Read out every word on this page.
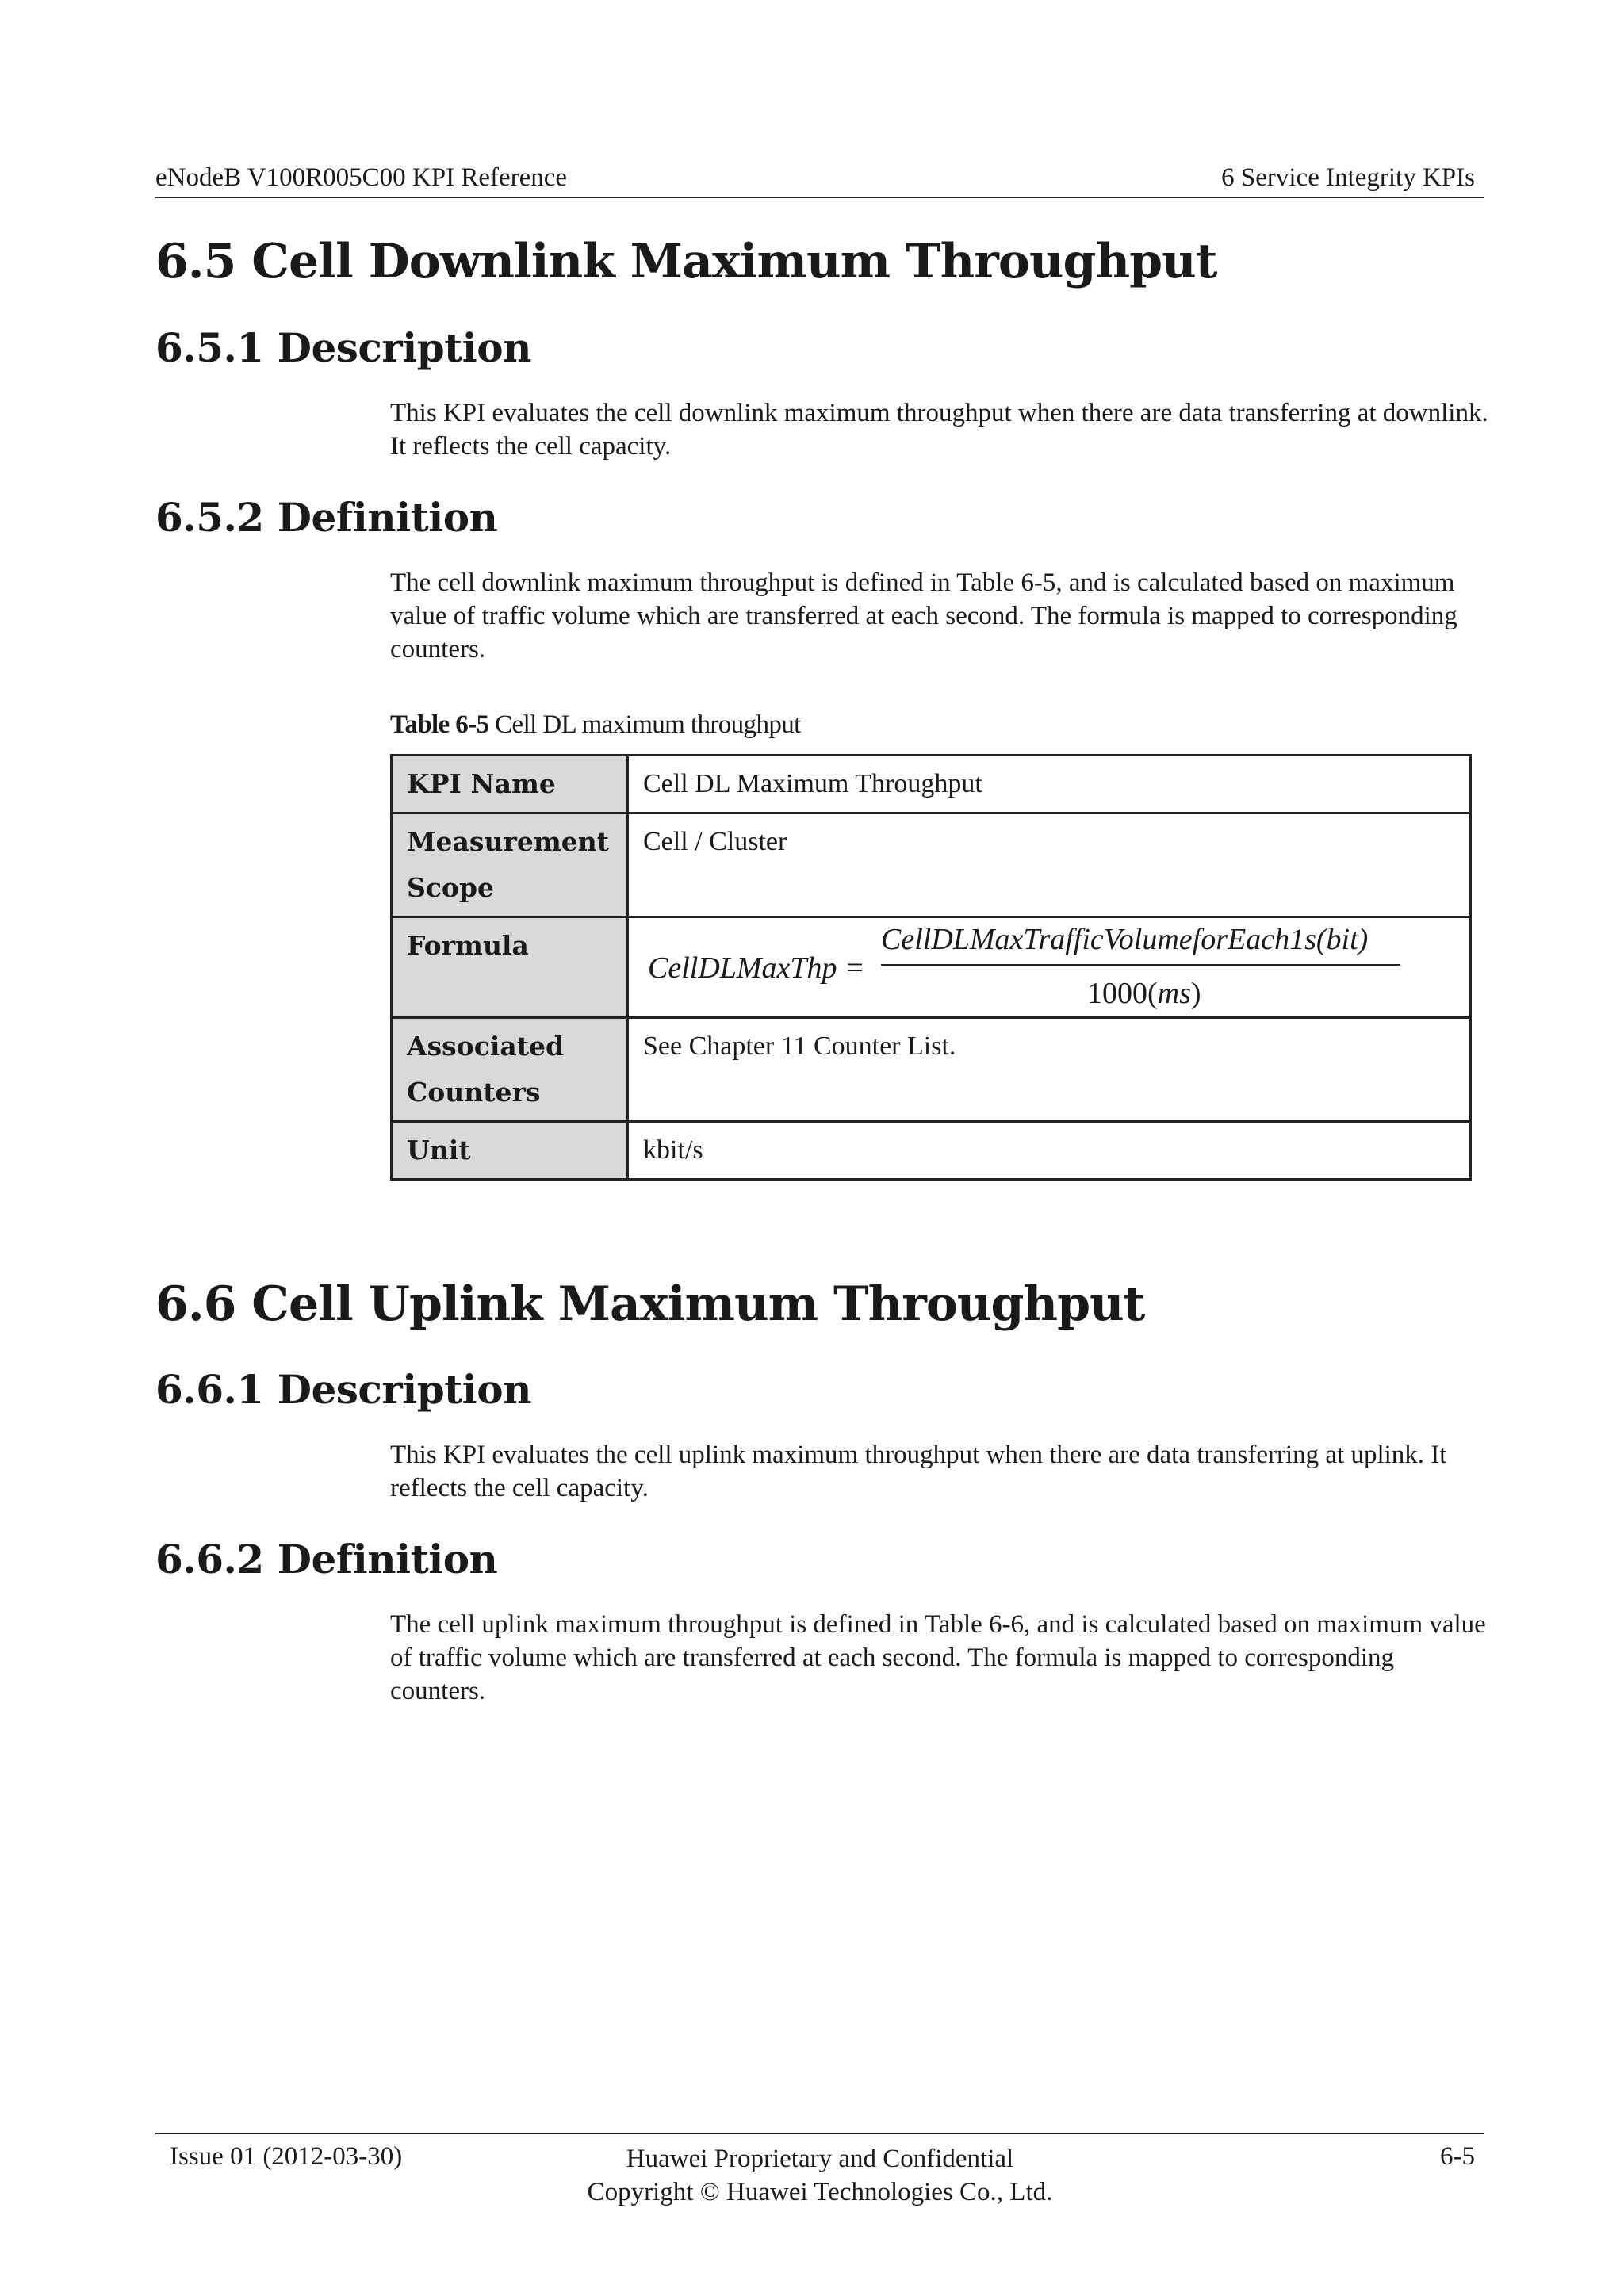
eNodeB V100R005C00 KPI Reference	6 Service Integrity KPIs
6.5 Cell Downlink Maximum Throughput
6.5.1 Description

This KPI evaluates the cell downlink maximum throughput when there are data transferring at downlink. It reflects the cell capacity.

6.5.2 Definition

The cell downlink maximum throughput is defined in Table 6-5, and is calculated based on maximum value of traffic volume which are transferred at each second. The formula is mapped to corresponding counters.

Table 6-5 Cell DL maximum throughput
KPI Name	Cell DL Maximum Throughput

Measurement
Scope	Cell / Cluster
Formula	CellDLMaxThp =
CellDLMaxTrafficVolumeforEach1s(bit)
1000(ms)

Associated
Counters	See Chapter 11 Counter List.
Unit	kbit/s
6.6 Cell Uplink Maximum Throughput
6.6.1 Description

This KPI evaluates the cell uplink maximum throughput when there are data transferring at uplink. It reflects the cell capacity.

6.6.2 Definition

The cell uplink maximum throughput is defined in Table 6-6, and is calculated based on maximum value of traffic volume which are transferred at each second. The formula is mapped to corresponding counters.

Issue 01 (2012-03-30)	Huawei Proprietary and Confidential
Copyright © Huawei Technologies Co., Ltd.
6-5
